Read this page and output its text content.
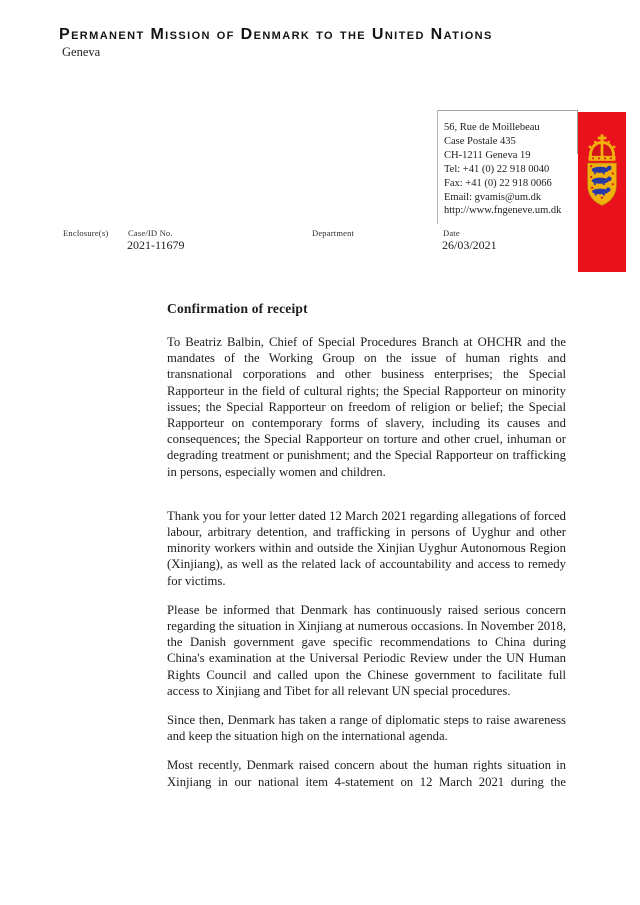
Permanent Mission of Denmark to the United Nations
Geneva
56, Rue de Moillebeau
Case Postale 435
CH-1211 Geneva 19
Tel: +41 (0) 22 918 0040
Fax: +41 (0) 22 918 0066
Email: gvamis@um.dk
http://www.fngeneve.um.dk
Enclosure(s) Case/ID No.
2021-11679
Department	Date
26/03/2021
Confirmation of receipt

To Beatriz Balbin, Chief of Special Procedures Branch at OHCHR and the mandates of the Working Group on the issue of human rights and transnational corporations and other business enterprises; the Special Rapporteur in the field of cultural rights; the Special Rapporteur on minority issues; the Special Rapporteur on freedom of religion or belief; the Special Rapporteur on contemporary forms of slavery, including its causes and consequences; the Special Rapporteur on torture and other cruel, inhuman or degrading treatment or punishment; and the Special Rapporteur on trafficking in persons, especially women and children.

Thank you for your letter dated 12 March 2021 regarding allegations of forced labour, arbitrary detention, and trafficking in persons of Uyghur and other minority workers within and outside the Xinjian Uyghur Autonomous Region (Xinjiang), as well as the related lack of accountability and access to remedy for victims.

Please be informed that Denmark has continuously raised serious concern regarding the situation in Xinjiang at numerous occasions. In November 2018, the Danish government gave specific recommendations to China during China's examination at the Universal Periodic Review under the UN Human Rights Council and called upon the Chinese government to facilitate full access to Xinjiang and Tibet for all relevant UN special procedures.

Since then, Denmark has taken a range of diplomatic steps to raise awareness and keep the situation high on the international agenda.

Most recently, Denmark raised concern about the human rights situation in Xinjiang in our national item 4-statement on 12 March 2021 during the
